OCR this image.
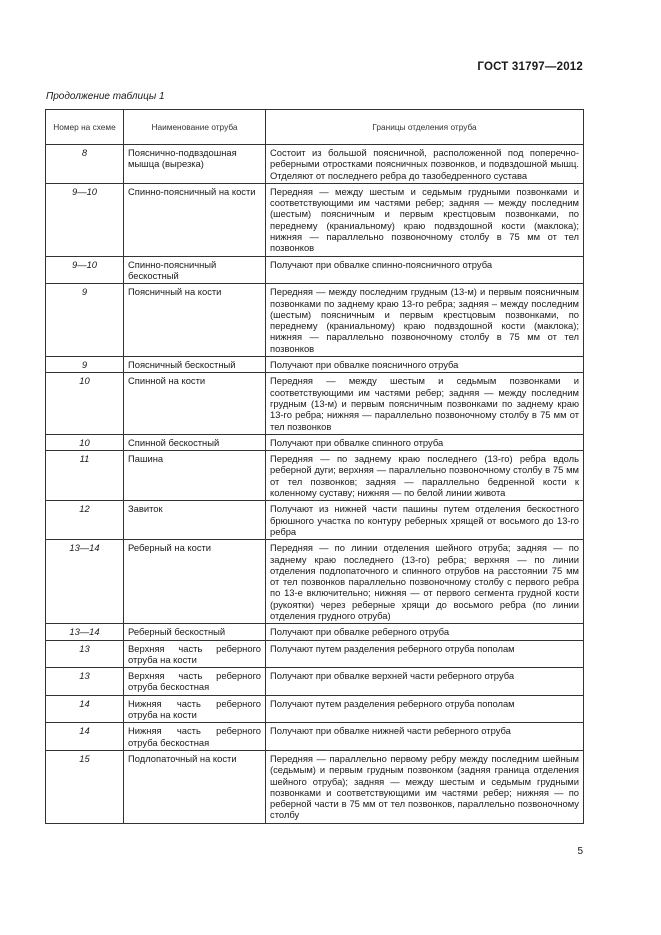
ГОСТ 31797—2012
Продолжение таблицы 1
Номер на схеме	Наименование отруба	Границы отделения отруба
8	Пояснично-подвздошная мышца (вырезка)	Состоит из большой поясничной, расположенной под поперечно-реберными отростками поясничных позвонков, и подвздошной мышц. Отделяют от последнего ребра до тазобедренного сустава
9—10	Спинно-поясничный на кости	Передняя — между шестым и седьмым грудными позвонками и соответствующими им частями ребер; задняя — между последним (шестым) поясничным и первым крестцовым позвонками, по переднему (краниальному) краю подвздошной кости (маклока); нижняя — параллельно позвоночному столбу в 75 мм от тел позвонков
9—10	Спинно-поясничный бескостный	Получают при обвалке спинно-поясничного отруба
9	Поясничный на кости	Передняя — между последним грудным (13-м) и первым поясничным позвонками по заднему краю 13-го ребра; задняя – между последним (шестым) поясничным и первым крестцовым позвонками, по переднему (краниальному) краю подвздошной кости (маклока); нижняя — параллельно позвоночному столбу в 75 мм от тел позвонков
9	Поясничный бескостный	Получают при обвалке поясничного отруба
10	Спинной на кости	Передняя — между шестым и седьмым позвонками и соответствующими им частями ребер; задняя — между последним грудным (13-м) и первым поясничным позвонками по заднему краю 13-го ребра; нижняя — параллельно позвоночному столбу в 75 мм от тел позвонков
10	Спинной бескостный	Получают при обвалке спинного отруба
11	Пашина	Передняя — по заднему краю последнего (13-го) ребра вдоль реберной дуги; верхняя — параллельно позвоночному столбу в 75 мм от тел позвонков; задняя — параллельно бедренной кости к коленному суставу; нижняя — по белой линии живота
12	Завиток	Получают из нижней части пашины путем отделения бескостного брюшного участка по контуру реберных хрящей от восьмого до 13-го ребра
13—14	Реберный на кости	Передняя — по линии отделения шейного отруба; задняя — по заднему краю последнего (13-го) ребра; верхняя — по линии отделения подлопаточного и спинного отрубов на расстоянии 75 мм от тел позвонков параллельно позвоночному столбу с первого ребра по 13-е включительно; нижняя — от первого сегмента грудной кости (рукоятки) через реберные хрящи до восьмого ребра (по линии отделения грудного отруба)
13—14	Реберный бескостный	Получают при обвалке реберного отруба
13	Верхняя часть реберного отруба на кости	Получают путем разделения реберного отруба пополам
13	Верхняя часть реберного отруба бескостная	Получают при обвалке верхней части реберного отруба
14	Нижняя часть реберного отруба на кости	Получают путем разделения реберного отруба пополам
14	Нижняя часть реберного отруба бескостная	Получают при обвалке нижней части реберного отруба
15	Подлопаточный на кости	Передняя — параллельно первому ребру между последним шейным (седьмым) и первым грудным позвонком (задняя граница отделения шейного отруба); задняя — между шестым и седьмым грудными позвонками и соответствующими им частями ребер; нижняя — по реберной части в 75 мм от тел позвонков, параллельно позвоночному столбу
5
